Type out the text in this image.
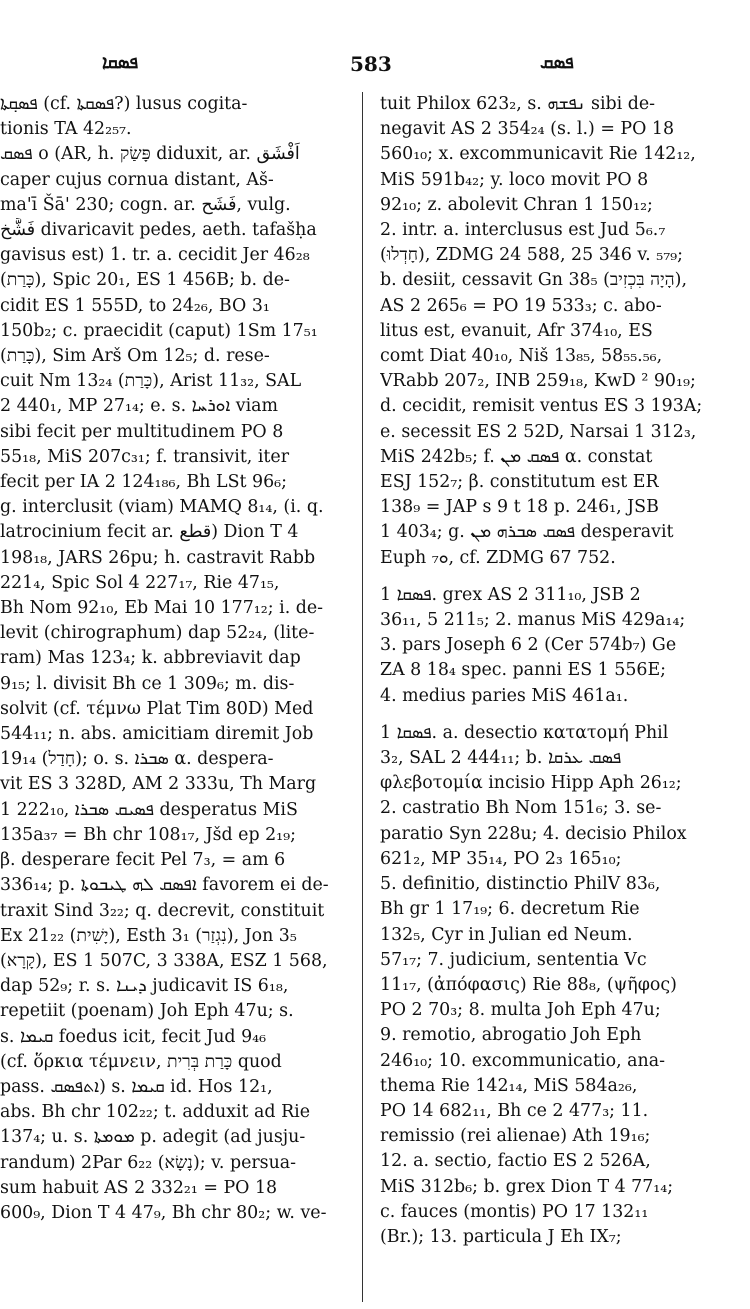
ܦܣܩܐ	583	ܦܣܩ
ܦܣܩ݂ܬܐ (cf. ܦܣܩܬܐ?) lusus cogita-
tionis TA 42₂₅₇.
ܦܣܩ o (AR, h. פָּשַׂק diduxit, ar. اَفْشَق
caper cujus cornua distant, Aš-
ma'ī Šā' 230; cogn. ar. فَشَح, vulg.
فَشَّخ divaricavit pedes, aeth. tafašḥa
gavisus est) 1. tr. a. cecidit Jer 46₂₈
(כָּרַת), Spic 20₁, ES 1 456B; b. de-
cidit ES 1 555D, to 24₂₆, BO 3₁
150b₂; c. praecidit (caput) 1Sm 17₅₁
(כָּרַת), Sim Arš Om 12₅; d. rese-
cuit Nm 13₂₄ (כָּרַת), Arist 11₃₂, SAL
2 440₁, MP 27₁₄; e. s. ܐܘܪܚܐ viam
sibi fecit per multitudinem PO 8
55₁₈, MiS 207c₃₁; f. transivit, iter
fecit per IA 2 124₁₈₆, Bh LSt 96₆;
g. interclusit (viam) MAMQ 8₁₄, (i. q.
latrocinium fecit ar. قطع) Dion T 4
198₁₈, JARS 26pu; h. castravit Rabb
221₄, Spic Sol 4 227₁₇, Rie 47₁₅,
Bh Nom 92₁₀, Eb Mai 10 177₁₂; i. de-
levit (chirographum) dap 52₂₄, (lite-
ram) Mas 123₄; k. abbreviavit dap
9₁₅; l. divisit Bh ce 1 309₆; m. dis-
solvit (cf. τέμνω Plat Tim 80D) Med
544₁₁; n. abs. amicitiam diremit Job
19₁₄ (חָדַל); o. s. ܣܒܪܐ α. despera-
vit ES 3 328D, AM 2 333u, Th Marg
1 222₁₀, ܦܣܝܩ ܣܒܪܐ desperatus MiS
135a₃₇ = Bh chr 108₁₇, Jšd ep 2₁₉;
β. desperare fecit Pel 7₃, = am 6
336₁₄; p. ܐܦܣܩ ܠܗ ܛܝܒܘܬܐ favorem ei de-
traxit Sind 3₂₂; q. decrevit, constituit
Ex 21₂₂ (יָשִׁית), Esth 3₁ (נִגְזַר), Jon 3₅
(קָרָא), ES 1 507C, 3 338A, ESZ 1 568,
dap 52₉; r. s. ܕܝܢܐ judicavit IS 6₁₈,
repetiit (poenam) Joh Eph 47u; s.
s. ܩܝܡܐ foedus icit, fecit Jud 9₄₆
(cf. ὅρκια τέμνειν, כָּרַת בְּרִית quod
pass. ܐܬܦܣܩ) s. ܩܝܡܐ id. Hos 12₁,
abs. Bh chr 102₂₂; t. adduxit ad Rie
137₄; u. s. ܡܘܡܬܐ p. adegit (ad jusju-
randum) 2Par 6₂₂ (נָשָׂא); v. persua-
sum habuit AS 2 332₂₁ = PO 18
600₉, Dion T 4 47₉, Bh chr 80₂; w. ve-
tuit Philox 623₂, s. ܢܦܫܗ sibi de-
negavit AS 2 354₂₄ (s. l.) = PO 18
560₁₀; x. excommunicavit Rie 142₁₂,
MiS 591b₄₂; y. loco movit PO 8
92₁₀; z. abolevit Chran 1 150₁₂;
2. intr. a. interclusus est Jud 5₆.₇
(חָדְלוּ), ZDMG 24 588, 25 346 v. ₅₇₉;
b. desiit, cessavit Gn 38₅ (הָיָה בִּכְזִיב),
AS 2 265₆ = PO 19 533₃; c. abo-
litus est, evanuit, Afr 374₁₀, ES
comt Diat 40₁₀, Niš 13₈₅, 58₅₅.₅₆,
VRabb 207₂, INB 259₁₈, KwD ² 90₁₉;
d. cecidit, remisit ventus ES 3 193A;
e. secessit ES 2 52D, Narsai 1 312₃,
MiS 242b₅; f. ܦܣܩ ܡܢ α. constat
ESJ 152₇; β. constitutum est ER
138₉ = JAP s 9 t 18 p. 246₁, JSB
1 403₄; g. ܦܣܩ ܣܒܪܗ ܡܢ desperavit
Euph ܘ₇, cf. ZDMG 67 752.
ܦܣܩܐ 1. grex AS 2 311₁₀, JSB 2
36₁₁, 5 211₅; 2. manus MiS 429a₁₄;
3. pars Joseph 6 2 (Cer 574b₇) Ge
ZA 8 18₄ spec. panni ES 1 556E;
4. medius paries MiS 461a₁.
ܦܣܩܐ 1. a. desectio κατατομή Phil
3₂, SAL 2 444₁₁; b. ܦܣܩ ܥܪܩܐ
φλεβοτομία incisio Hipp Aph 26₁₂;
2. castratio Bh Nom 151₆; 3. se-
paratio Syn 228u; 4. decisio Philox
621₂, MP 35₁₄, PO 2₃ 165₁₀;
5. definitio, distinctio PhilV 83₆,
Bh gr 1 17₁₉; 6. decretum Rie
132₅, Cyr in Julian ed Neum.
57₁₇; 7. judicium, sententia Vc
11₁₇, (ἀπόφασις) Rie 88₈, (ψῆφος)
PO 2 70₃; 8. multa Joh Eph 47u;
9. remotio, abrogatio Joh Eph
246₁₀; 10. excommunicatio, ana-
thema Rie 142₁₄, MiS 584a₂₆,
PO 14 682₁₁, Bh ce 2 477₃; 11.
remissio (rei alienae) Ath 19₁₆;
12. a. sectio, factio ES 2 526A,
MiS 312b₆; b. grex Dion T 4 77₁₄;
c. fauces (montis) PO 17 132₁₁
(Br.); 13. particula J Eh IX₇;
